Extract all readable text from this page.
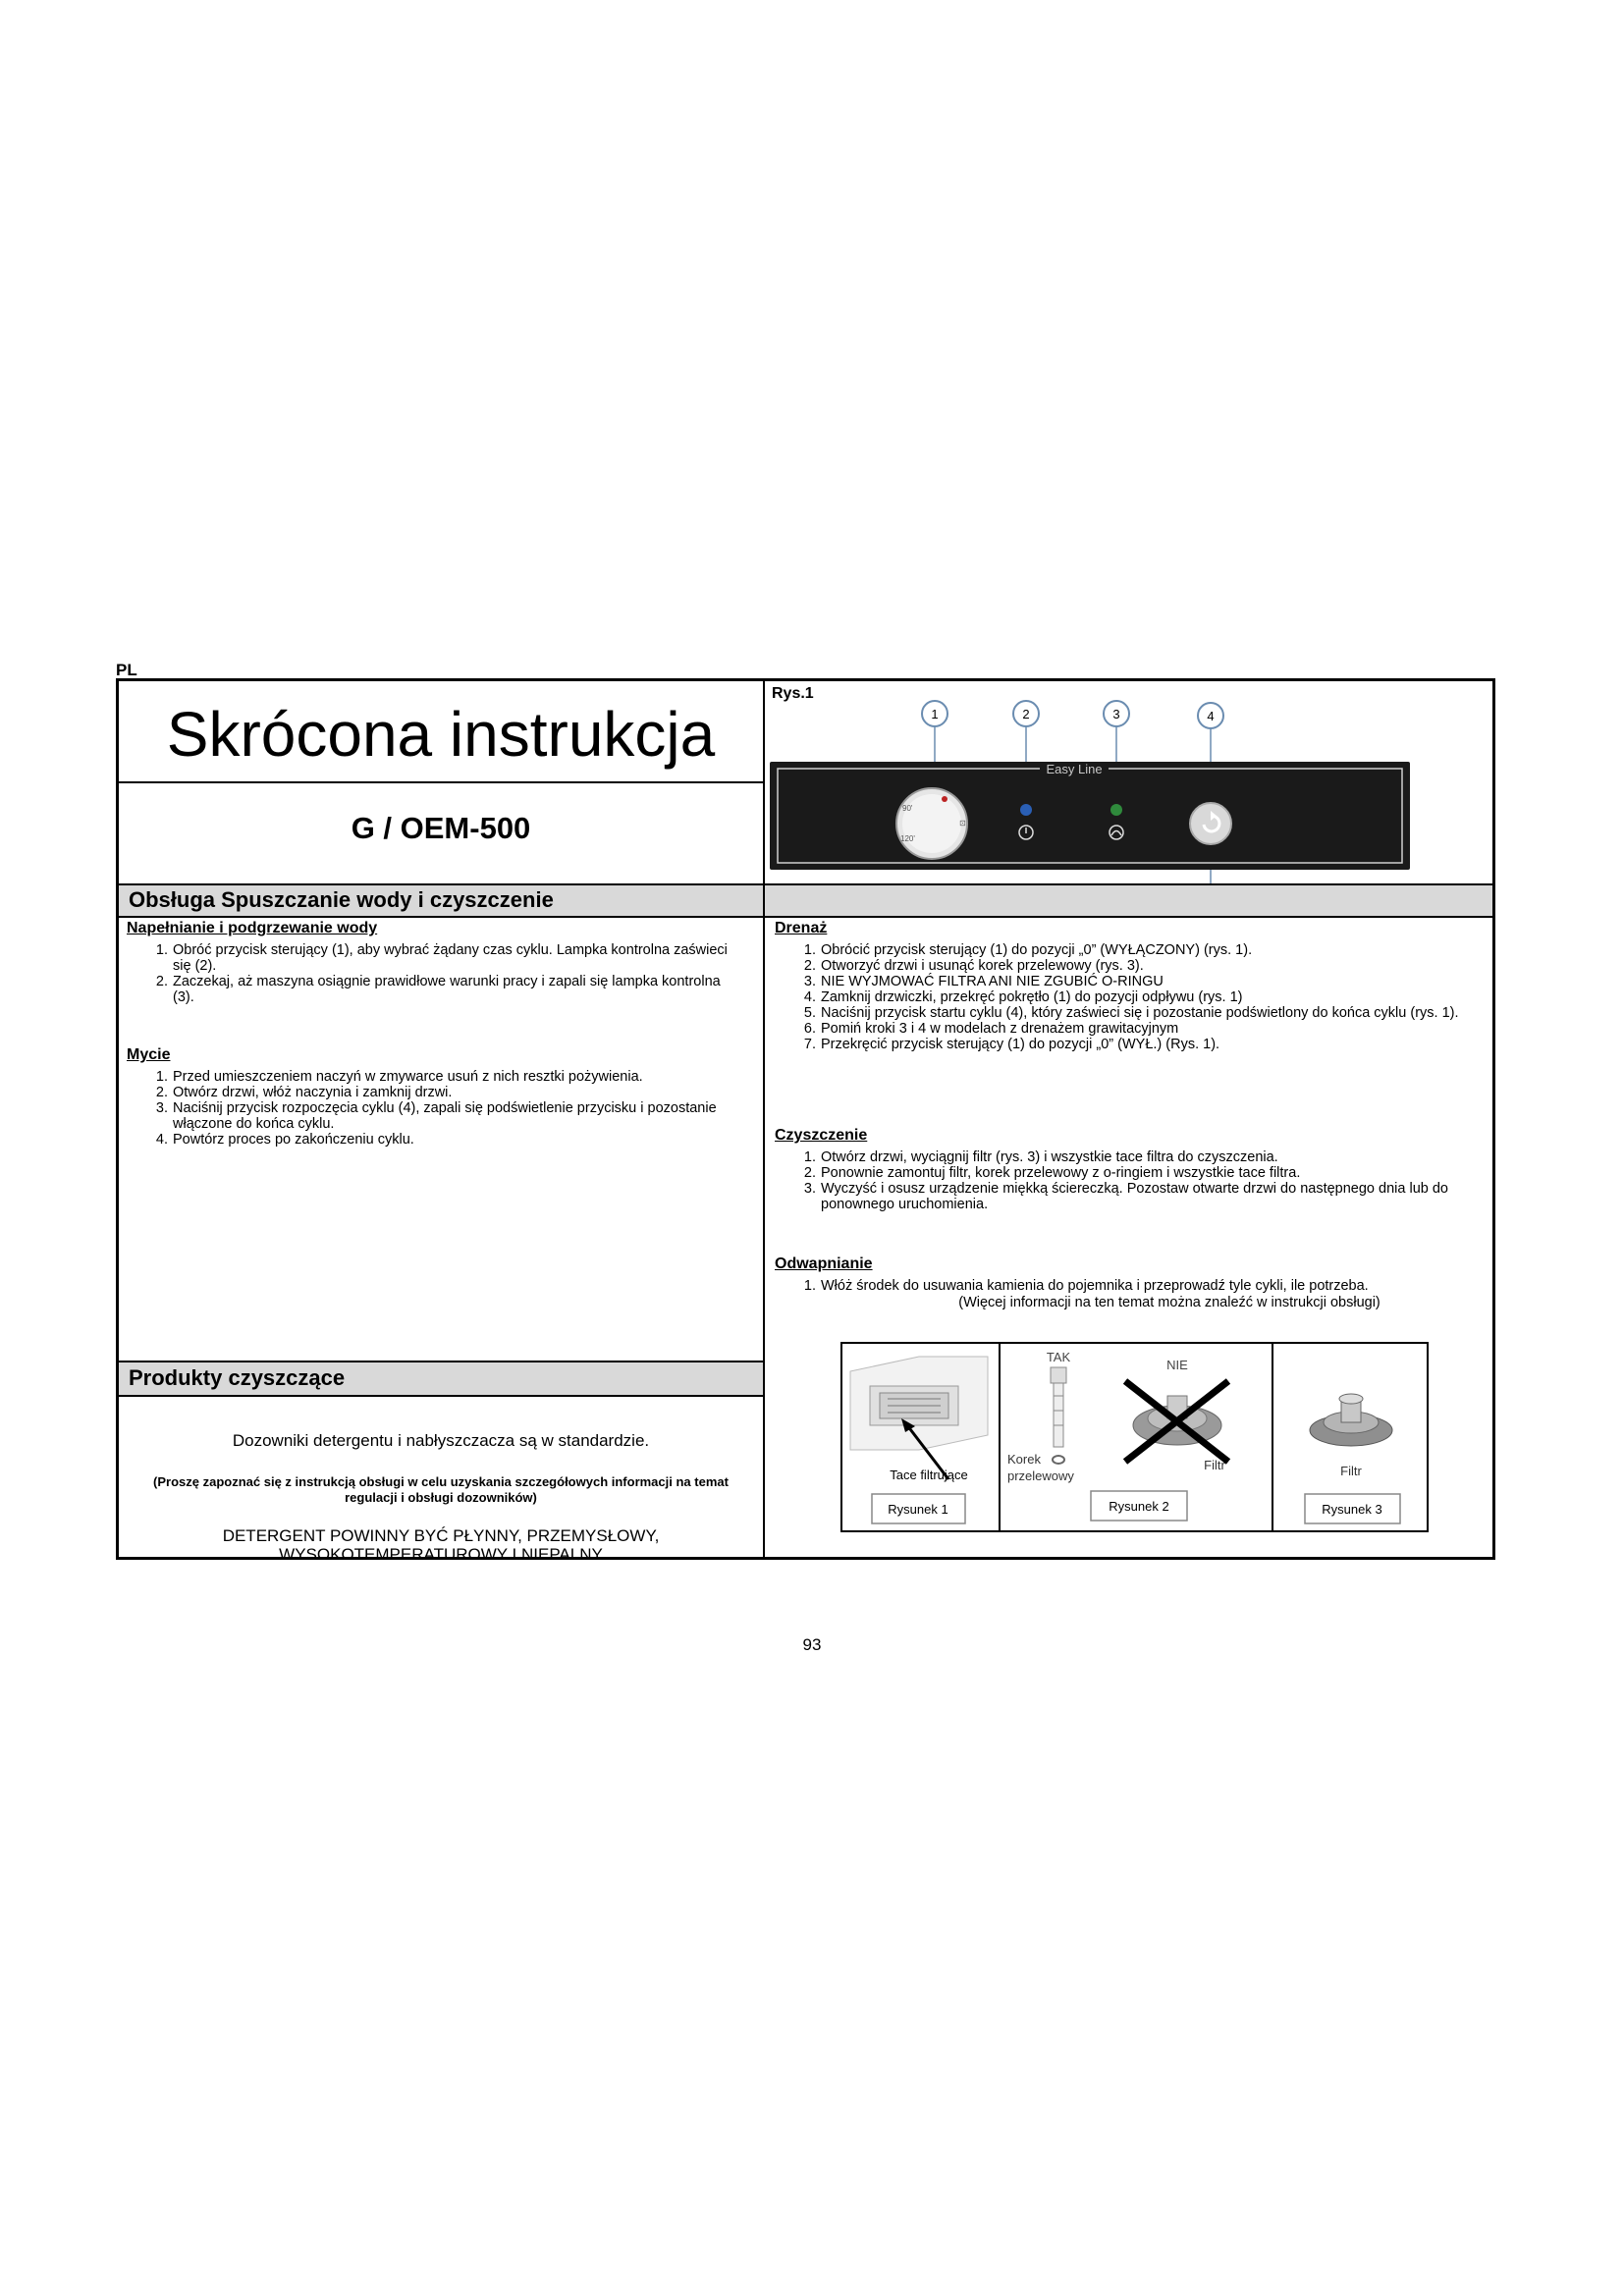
PL
Skrócona instrukcja
G / OEM-500
Obsługa Spuszczanie wody i czyszczenie
Napełnianie i podgrzewanie wody
1. Obróć przycisk sterujący (1), aby wybrać żądany czas cyklu. Lampka kontrolna zaświeci się (2).
2. Zaczekaj, aż maszyna osiągnie prawidłowe warunki pracy i zapali się lampka kontrolna (3).
Mycie
1. Przed umieszczeniem naczyń w zmywarce usuń z nich resztki pożywienia.
2. Otwórz drzwi, włóż naczynia i zamknij drzwi.
3. Naciśnij przycisk rozpoczęcia cyklu (4), zapali się podświetlenie przycisku i pozostanie włączone do końca cyklu.
4. Powtórz proces po zakończeniu cyklu.
Produkty czyszczące
Dozowniki detergentu i nabłyszczacza są w standardzie.
(Proszę zapoznać się z instrukcją obsługi w celu uzyskania szczegółowych informacji na temat regulacji i obsługi dozowników)
DETERGENT POWINNY BYĆ PŁYNNY, PRZEMYSŁOWY,
WYSOKOTEMPERATUROWY I NIEPALNY
Rys.1
1	2	3	4
Easy Line
90'
120'
⊡
Drenaż
1. Obrócić przycisk sterujący (1) do pozycji „0” (WYŁĄCZONY) (rys. 1).
2. Otworzyć drzwi i usunąć korek przelewowy (rys. 3).
3. NIE WYJMOWAĆ FILTRA ANI NIE ZGUBIĆ O-RINGU
4. Zamknij drzwiczki, przekręć pokrętło (1) do pozycji odpływu (rys. 1)
5. Naciśnij przycisk startu cyklu (4), który zaświeci się i pozostanie podświetlony do końca cyklu (rys. 1).
6. Pomiń kroki 3 i 4 w modelach z drenażem grawitacyjnym
7. Przekręcić przycisk sterujący (1) do pozycji „0” (WYŁ.) (Rys. 1).
Czyszczenie
1. Otwórz drzwi, wyciągnij filtr (rys. 3) i wszystkie tace filtra do czyszczenia.
2. Ponownie zamontuj filtr, korek przelewowy z o-ringiem i wszystkie tace filtra.
3. Wyczyść i osusz urządzenie miękką ściereczką. Pozostaw otwarte drzwi do następnego dnia lub do ponownego uruchomienia.
Odwapnianie
1. Włóż środek do usuwania kamienia do pojemnika i przeprowadź tyle cykli, ile potrzeba.
(Więcej informacji na ten temat można znaleźć w instrukcji obsługi)
Tace filtrujące
Rysunek 1
TAK
Korek
przelewowy
NIE
Filtr
Rysunek 2
Filtr
Rysunek 3
93
